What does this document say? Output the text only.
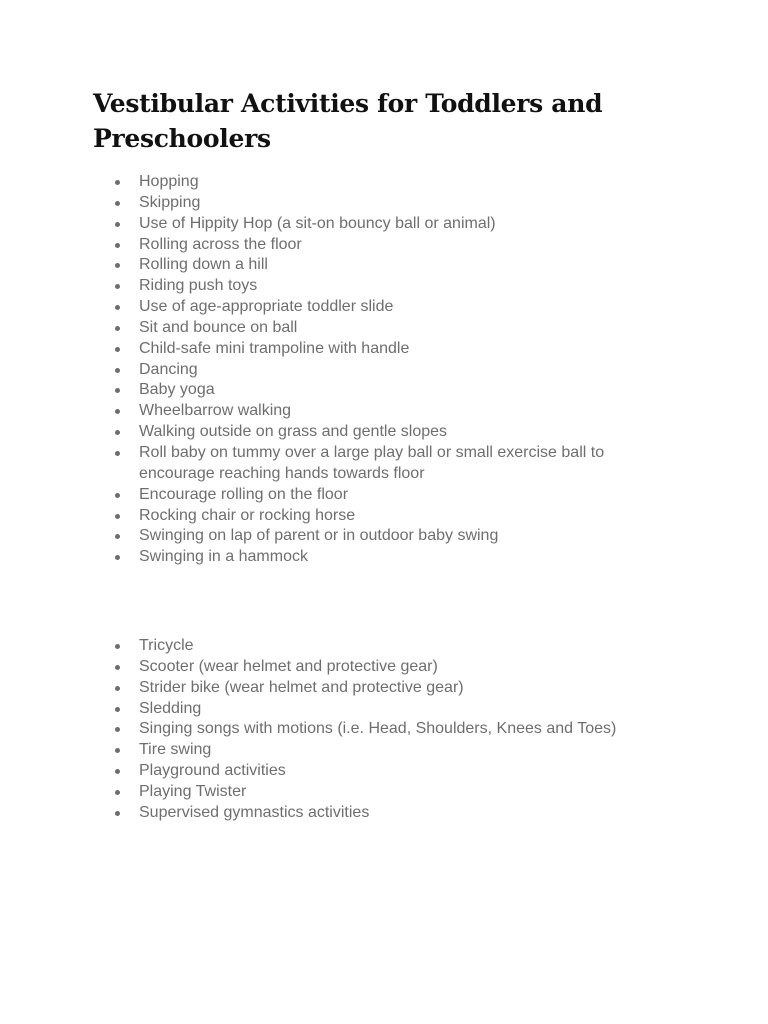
Vestibular Activities for Toddlers and Preschoolers
Hopping
Skipping
Use of Hippity Hop (a sit-on bouncy ball or animal)
Rolling across the floor
Rolling down a hill
Riding push toys
Use of age-appropriate toddler slide
Sit and bounce on ball
Child-safe mini trampoline with handle
Dancing
Baby yoga
Wheelbarrow walking
Walking outside on grass and gentle slopes
Roll baby on tummy over a large play ball or small exercise ball to encourage reaching hands towards floor
Encourage rolling on the floor
Rocking chair or rocking horse
Swinging on lap of parent or in outdoor baby swing
Swinging in a hammock
Tricycle
Scooter (wear helmet and protective gear)
Strider bike (wear helmet and protective gear)
Sledding
Singing songs with motions (i.e. Head, Shoulders, Knees and Toes)
Tire swing
Playground activities
Playing Twister
Supervised gymnastics activities
